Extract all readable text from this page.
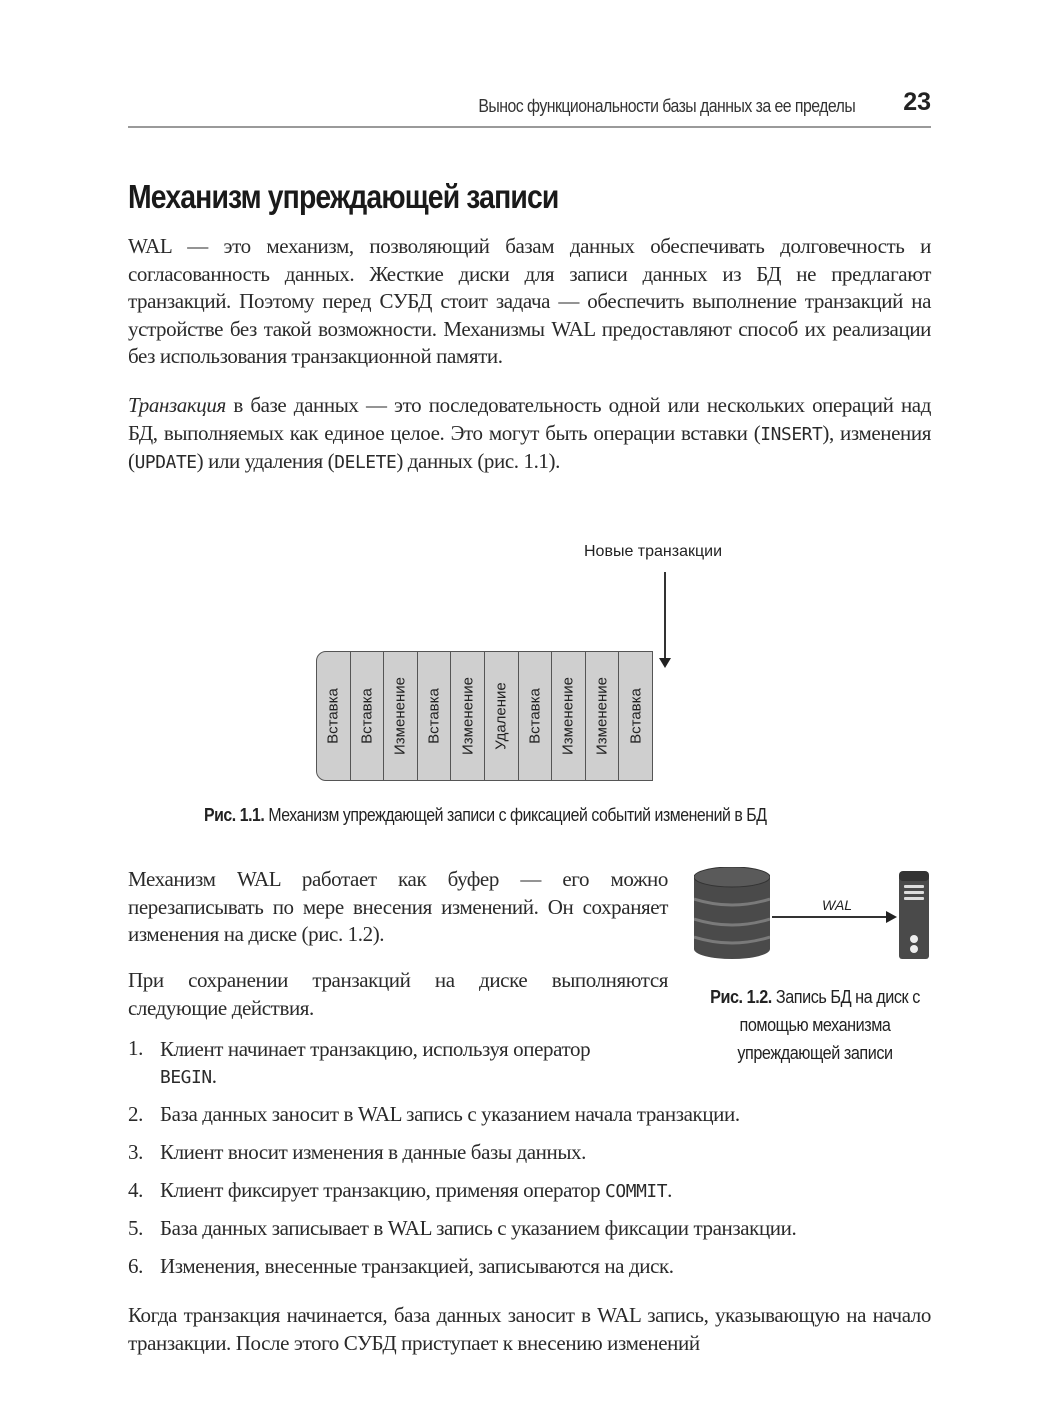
Вынос функциональности базы данных за ее пределы 23
Механизм упреждающей записи
WAL — это механизм, позволяющий базам данных обеспечивать долговечность и согласованность данных. Жесткие диски для записи данных из БД не предлагают транзакций. Поэтому перед СУБД стоит задача — обеспечить выполнение транзакций на устройстве без такой возможности. Механизмы WAL предоставляют способ их реализации без использования транзакционной памяти.
Транзакция в базе данных — это последовательность одной или нескольких операций над БД, выполняемых как единое целое. Это могут быть операции вставки (INSERT), изменения (UPDATE) или удаления (DELETE) данных (рис. 1.1).
Новые транзакции
Вставка Вставка Изменение Вставка Изменение Удаление Вставка Изменение Изменение Вставка
Рис. 1.1. Механизм упреждающей записи с фиксацией событий изменений в БД
Механизм WAL работает как буфер — его можно перезаписывать по мере внесения изменений. Он сохраняет изменения на диске (рис. 1.2).
При сохранении транзакций на диске выполняются следующие действия.
WAL
Рис. 1.2. Запись БД на диск с помощью механизма упреждающей записи
1. Клиент начинает транзакцию, используя оператор
BEGIN.
2. База данных заносит в WAL запись с указанием начала транзакции.
3. Клиент вносит изменения в данные базы данных.
4. Клиент фиксирует транзакцию, применяя оператор COMMIT.
5. База данных записывает в WAL запись с указанием фиксации транзакции.
6. Изменения, внесенные транзакцией, записываются на диск.
Когда транзакция начинается, база данных заносит в WAL запись, указывающую на начало транзакции. После этого СУБД приступает к внесению изменений
